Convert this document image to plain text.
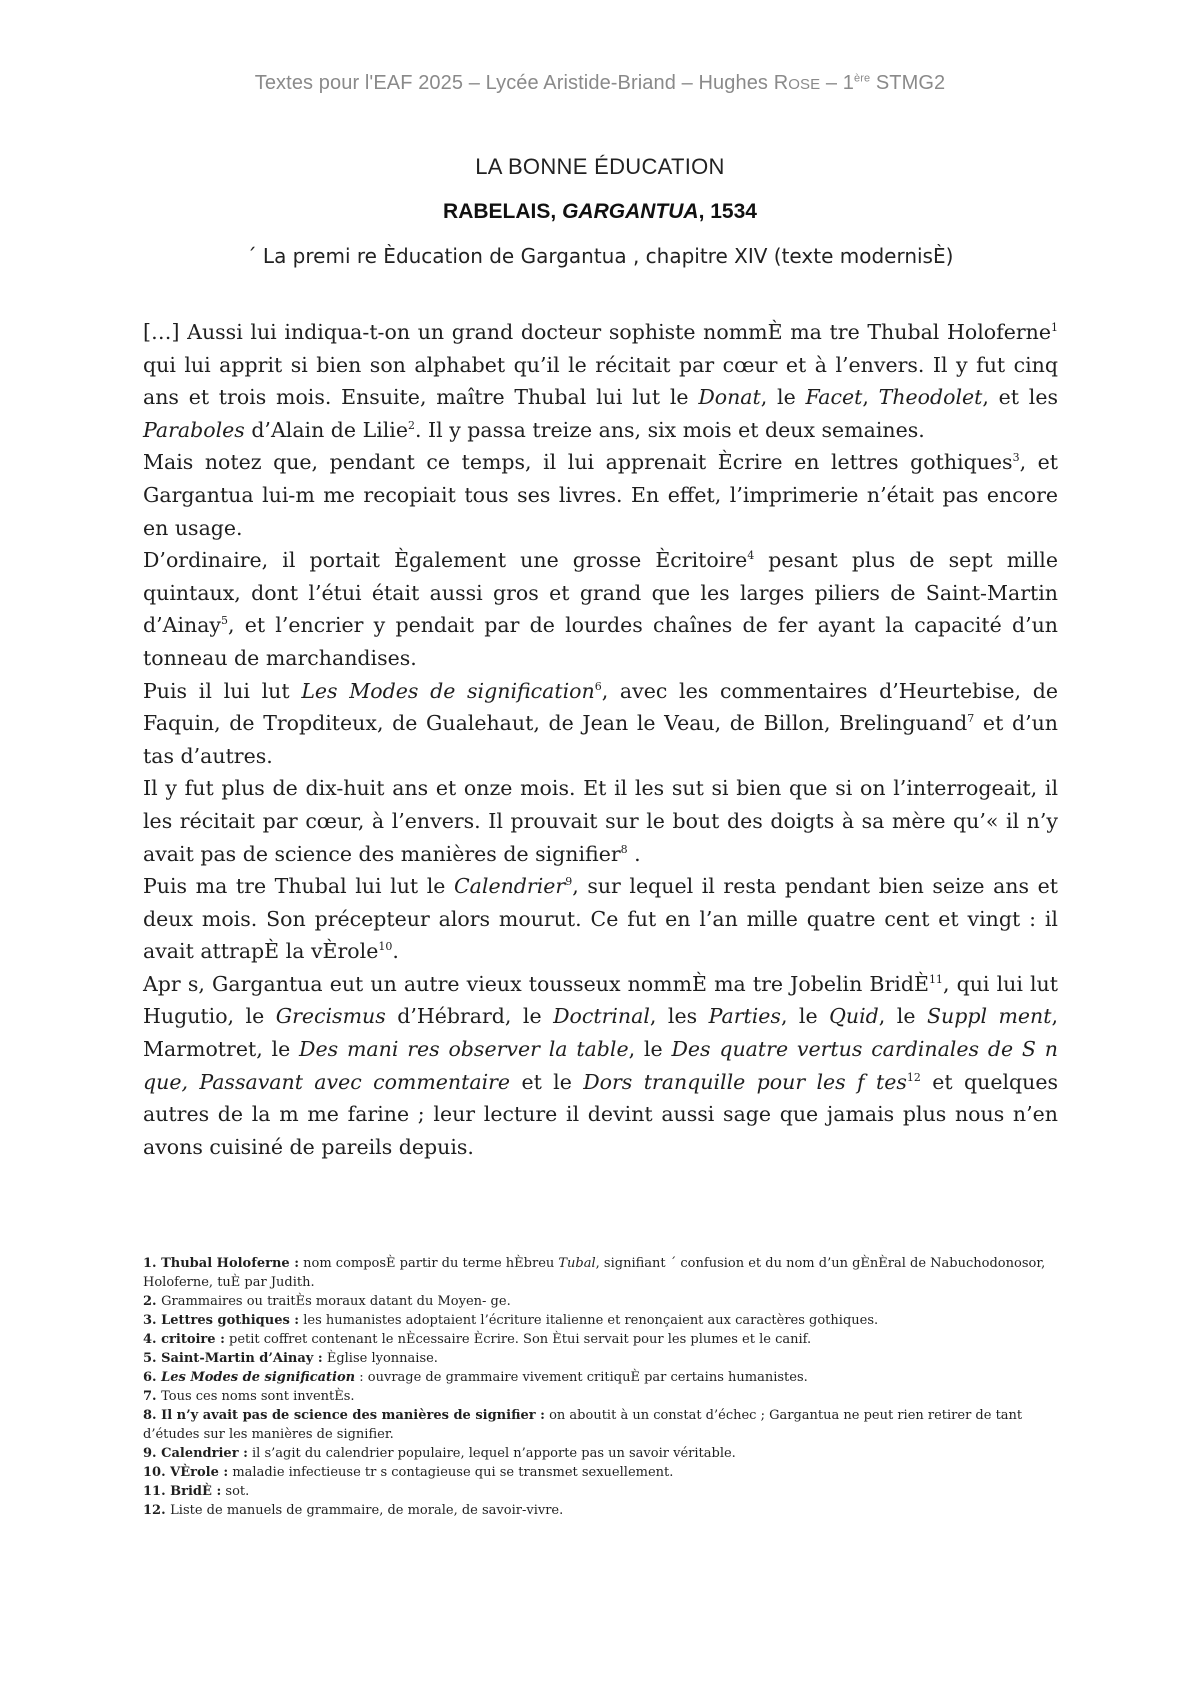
Textes pour l'EAF 2025 – Lycée Aristide-Briand – Hughes ROSE – 1ère STMG2
LA BONNE ÉDUCATION
RABELAIS, GARGANTUA, 1534
´ La premi re Èducation de Gargantua , chapitre XIV (texte modernisÈ)

[…] Aussi lui indiqua-t-on un grand docteur sophiste nommÈ ma tre Thubal Holoferne$^1$ qui lui apprit si bien son alphabet qu’il le récitait par cœur et à l’envers. Il y fut cinq ans et trois mois. Ensuite, maître Thubal lui lut le Donat, le Facet, Theodolet, et les Paraboles d’Alain de Lilie$^2$. Il y passa treize ans, six mois et deux semaines.

Mais notez que, pendant ce temps, il lui apprenait Ècrire en lettres gothiques$^3$, et Gargantua lui-m me recopiait tous ses livres. En effet, l’imprimerie n’était pas encore en usage.

D’ordinaire, il portait Ègalement une grosse Ècritoire$^4$ pesant plus de sept mille quintaux, dont l’étui était aussi gros et grand que les larges piliers de Saint-Martin d’Ainay$^5$, et l’encrier y pendait par de lourdes chaînes de fer ayant la capacité d’un tonneau de marchandises.

Puis il lui lut Les Modes de signification$^6$, avec les commentaires d’Heurtebise, de Faquin, de Tropditeux, de Gualehaut, de Jean le Veau, de Billon, Brelinguand$^7$ et d’un tas d’autres.

Il y fut plus de dix-huit ans et onze mois. Et il les sut si bien que si on l’interrogeait, il les récitait par cœur, à l’envers. Il prouvait sur le bout des doigts à sa mère qu’« il n’y avait pas de science des manières de signifier$^8$ .

Puis ma tre Thubal lui lut le Calendrier$^9$, sur lequel il resta pendant bien seize ans et deux mois. Son précepteur alors mourut. Ce fut en l’an mille quatre cent et vingt : il avait attrapÈ la vÈrole$^{10}$.

Apr s, Gargantua eut un autre vieux tousseux nommÈ ma tre Jobelin BridÈ$^{11}$, qui lui lut Hugutio, le Grecismus d’Hébrard, le Doctrinal, les Parties, le Quid, le Suppl ment, Marmotret, le Des mani res observer la table, le Des quatre vertus cardinales de S n que, Passavant avec commentaire et le Dors tranquille pour les f tes$^{12}$ et quelques autres de la m me farine ; leur lecture il devint aussi sage que jamais plus nous n’en avons cuisiné de pareils depuis.

1. Thubal Holoferne : nom composÈ partir du terme hÈbreu Tubal, signifiant ´ confusion et du nom d’un gÈnÈral de Nabuchodonosor, Holoferne, tuÈ par Judith.

2. Grammaires ou traitÈs moraux datant du Moyen- ge.

3. Lettres gothiques : les humanistes adoptaient l’écriture italienne et renonçaient aux caractères gothiques.

4. critoire : petit coffret contenant le nÈcessaire Ècrire. Son Ètui servait pour les plumes et le canif.

5. Saint-Martin d’Ainay : Èglise lyonnaise.

6. Les Modes de signification : ouvrage de grammaire vivement critiquÈ par certains humanistes.

7. Tous ces noms sont inventÈs.

8. Il n’y avait pas de science des manières de signifier : on aboutit à un constat d’échec ; Gargantua ne peut rien retirer de tant d’études sur les manières de signifier.

9. Calendrier : il s’agit du calendrier populaire, lequel n’apporte pas un savoir véritable.

10. VÈrole : maladie infectieuse tr s contagieuse qui se transmet sexuellement.

11. BridÈ : sot.

12. Liste de manuels de grammaire, de morale, de savoir-vivre.
